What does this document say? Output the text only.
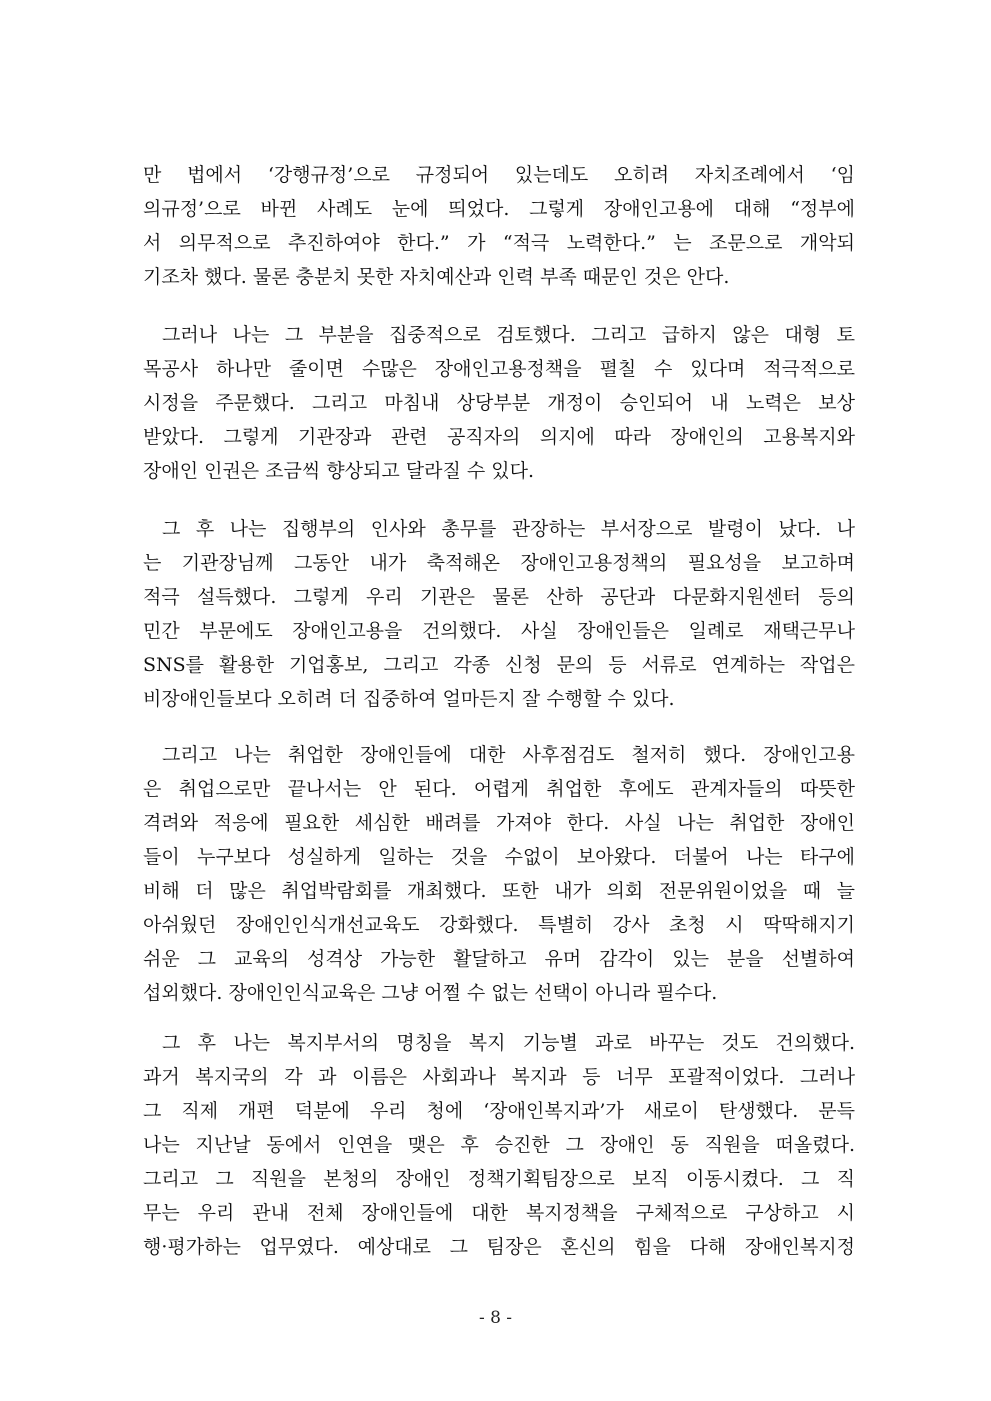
만 법에서 ‘강행규정’으로 규정되어 있는데도 오히려 자치조례에서 ‘임
의규정’으로 바뀐 사례도 눈에 띄었다. 그렇게 장애인고용에 대해 “정부에
서 의무적으로 추진하여야 한다.” 가 “적극 노력한다.” 는 조문으로 개악되
기조차 했다. 물론 충분치 못한 자치예산과 인력 부족 때문인 것은 안다.
그러나 나는 그 부분을 집중적으로 검토했다. 그리고 급하지 않은 대형 토
목공사 하나만 줄이면 수많은 장애인고용정책을 펼칠 수 있다며 적극적으로
시정을 주문했다. 그리고 마침내 상당부분 개정이 승인되어 내 노력은 보상
받았다. 그렇게 기관장과 관련 공직자의 의지에 따라 장애인의 고용복지와
장애인 인권은 조금씩 향상되고 달라질 수 있다.
그 후 나는 집행부의 인사와 총무를 관장하는 부서장으로 발령이 났다. 나
는 기관장님께 그동안 내가 축적해온 장애인고용정책의 필요성을 보고하며
적극 설득했다. 그렇게 우리 기관은 물론 산하 공단과 다문화지원센터 등의
민간 부문에도 장애인고용을 건의했다. 사실 장애인들은 일례로 재택근무나
SNS를 활용한 기업홍보, 그리고 각종 신청 문의 등 서류로 연계하는 작업은
비장애인들보다 오히려 더 집중하여 얼마든지 잘 수행할 수 있다.
그리고 나는 취업한 장애인들에 대한 사후점검도 철저히 했다. 장애인고용
은 취업으로만 끝나서는 안 된다. 어렵게 취업한 후에도 관계자들의 따뜻한
격려와 적응에 필요한 세심한 배려를 가져야 한다. 사실 나는 취업한 장애인
들이 누구보다 성실하게 일하는 것을 수없이 보아왔다. 더불어 나는 타구에
비해 더 많은 취업박람회를 개최했다. 또한 내가 의회 전문위원이었을 때 늘
아쉬웠던 장애인인식개선교육도 강화했다. 특별히 강사 초청 시 딱딱해지기
쉬운 그 교육의 성격상 가능한 활달하고 유머 감각이 있는 분을 선별하여
섭외했다. 장애인인식교육은 그냥 어쩔 수 없는 선택이 아니라 필수다.
그 후 나는 복지부서의 명칭을 복지 기능별 과로 바꾸는 것도 건의했다.
과거 복지국의 각 과 이름은 사회과나 복지과 등 너무 포괄적이었다. 그러나
그 직제 개편 덕분에 우리 청에 ‘장애인복지과’가 새로이 탄생했다. 문득
나는 지난날 동에서 인연을 맺은 후 승진한 그 장애인 동 직원을 떠올렸다.
그리고 그 직원을 본청의 장애인 정책기획팀장으로 보직 이동시켰다. 그 직
무는 우리 관내 전체 장애인들에 대한 복지정책을 구체적으로 구상하고 시
행·평가하는 업무였다. 예상대로 그 팀장은 혼신의 힘을 다해 장애인복지정
- 8 -
